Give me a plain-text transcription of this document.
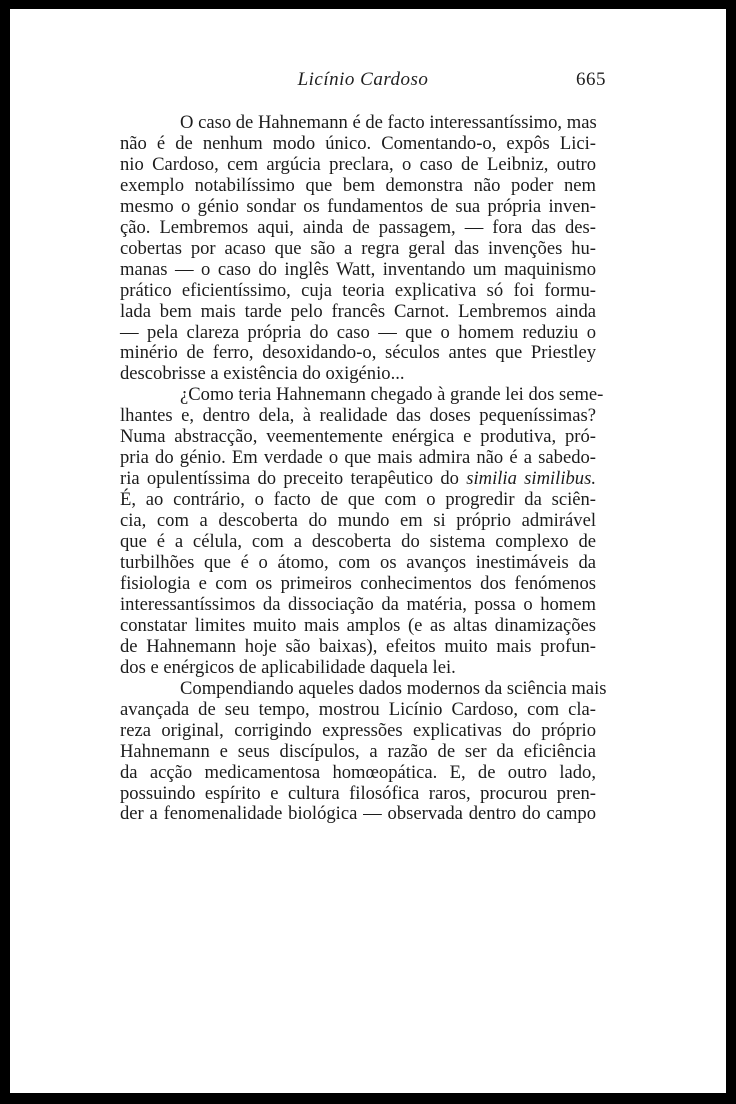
Licínio Cardoso	665
O caso de Hahnemann é de facto interessantíssimo, mas
não é de nenhum modo único. Comentando-o, expôs Lici-
nio Cardoso, cem argúcia preclara, o caso de Leibniz, outro
exemplo notabilíssimo que bem demonstra não poder nem
mesmo o génio sondar os fundamentos de sua própria inven-
ção. Lembremos aqui, ainda de passagem, — fora das des-
cobertas por acaso que são a regra geral das invenções hu-
manas — o caso do inglês Watt, inventando um maquinismo
prático eficientíssimo, cuja teoria explicativa só foi formu-
lada bem mais tarde pelo francês Carnot. Lembremos ainda
— pela clareza própria do caso — que o homem reduziu o
minério de ferro, desoxidando-o, séculos antes que Priestley
descobrisse a existência do oxigénio...
¿Como teria Hahnemann chegado à grande lei dos seme-
lhantes e, dentro dela, à realidade das doses pequeníssimas?
Numa abstracção, veementemente enérgica e produtiva, pró-
pria do génio. Em verdade o que mais admira não é a sabedo-
ria opulentíssima do preceito terapêutico do similia similibus.
É, ao contrário, o facto de que com o progredir da sciên-
cia, com a descoberta do mundo em si próprio admirável
que é a célula, com a descoberta do sistema complexo de
turbilhões que é o átomo, com os avanços inestimáveis da
fisiologia e com os primeiros conhecimentos dos fenómenos
interessantíssimos da dissociação da matéria, possa o homem
constatar limites muito mais amplos (e as altas dinamizações
de Hahnemann hoje são baixas), efeitos muito mais profun-
dos e enérgicos de aplicabilidade daquela lei.
Compendiando aqueles dados modernos da sciência mais
avançada de seu tempo, mostrou Licínio Cardoso, com cla-
reza original, corrigindo expressões explicativas do próprio
Hahnemann e seus discípulos, a razão de ser da eficiência
da acção medicamentosa homœopática. E, de outro lado,
possuindo espírito e cultura filosófica raros, procurou pren-
der a fenomenalidade biológica — observada dentro do campo
